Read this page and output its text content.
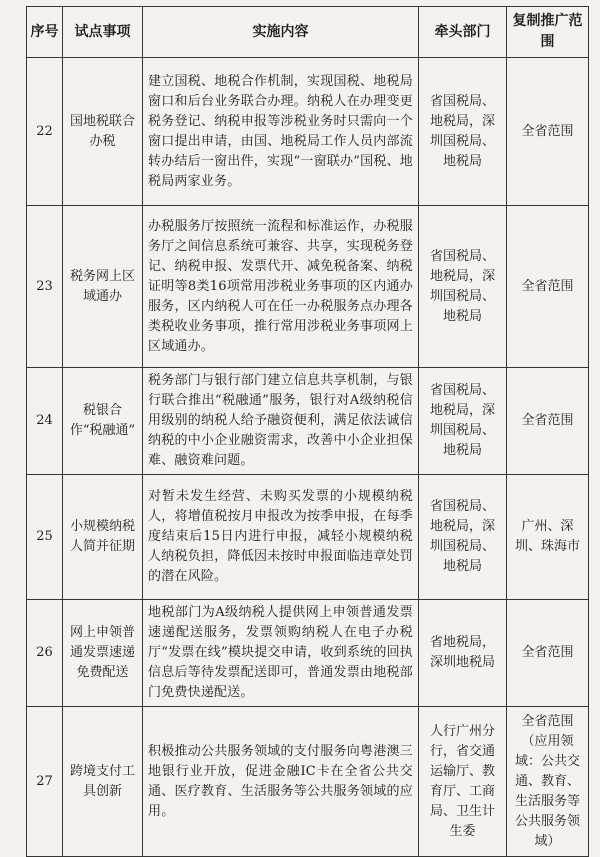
序号	试点事项	实施内容	牵头部门	复制推广范围
22	国地税联合办税	建立国税、地税合作机制，实现国税、地税局窗口和后台业务联合办理。纳税人在办理变更税务登记、纳税申报等涉税业务时只需向一个窗口提出申请，由国、地税局工作人员内部流转办结后一窗出件，实现“一窗联办”国税、地税局两家业务。	省国税局、地税局，深圳国税局、地税局	全省范围
23	税务网上区域通办	办税服务厅按照统一流程和标准运作，办税服务厅之间信息系统可兼容、共享，实现税务登记、纳税申报、发票代开、减免税备案、纳税证明等8类16项常用涉税业务事项的区内通办服务，区内纳税人可在任一办税服务点办理各类税收业务事项，推行常用涉税业务事项网上区域通办。	省国税局、地税局，深圳国税局、地税局	全省范围
24	税银合作“税融通”	税务部门与银行部门建立信息共享机制，与银行联合推出“税融通”服务，银行对A级纳税信用级别的纳税人给予融资便利，满足依法诚信纳税的中小企业融资需求，改善中小企业担保难、融资难问题。	省国税局、地税局，深圳国税局、地税局	全省范围
25	小规模纳税人简并征期	对暂未发生经营、未购买发票的小规模纳税人，将增值税按月申报改为按季申报，在每季度结束后15日内进行申报，减轻小规模纳税人纳税负担，降低因未按时申报面临违章处罚的潜在风险。	省国税局、地税局，深圳国税局、地税局	广州、深圳、珠海市
26	网上申领普通发票速递免费配送	地税部门为A级纳税人提供网上申领普通发票速递配送服务，发票领购纳税人在电子办税厅“发票在线”模块提交申请，收到系统的回执信息后等待发票配送即可，普通发票由地税部门免费快递配送。	省地税局，深圳地税局	全省范围
27	跨境支付工具创新	积极推动公共服务领域的支付服务向粤港澳三地银行业开放，促进金融IC卡在全省公共交通、医疗教育、生活服务等公共服务领域的应用。	人行广州分行，省交通运输厅、教育厅、工商局、卫生计生委	全省范围（应用领域：公共交通、教育、生活服务等公共服务领域）
